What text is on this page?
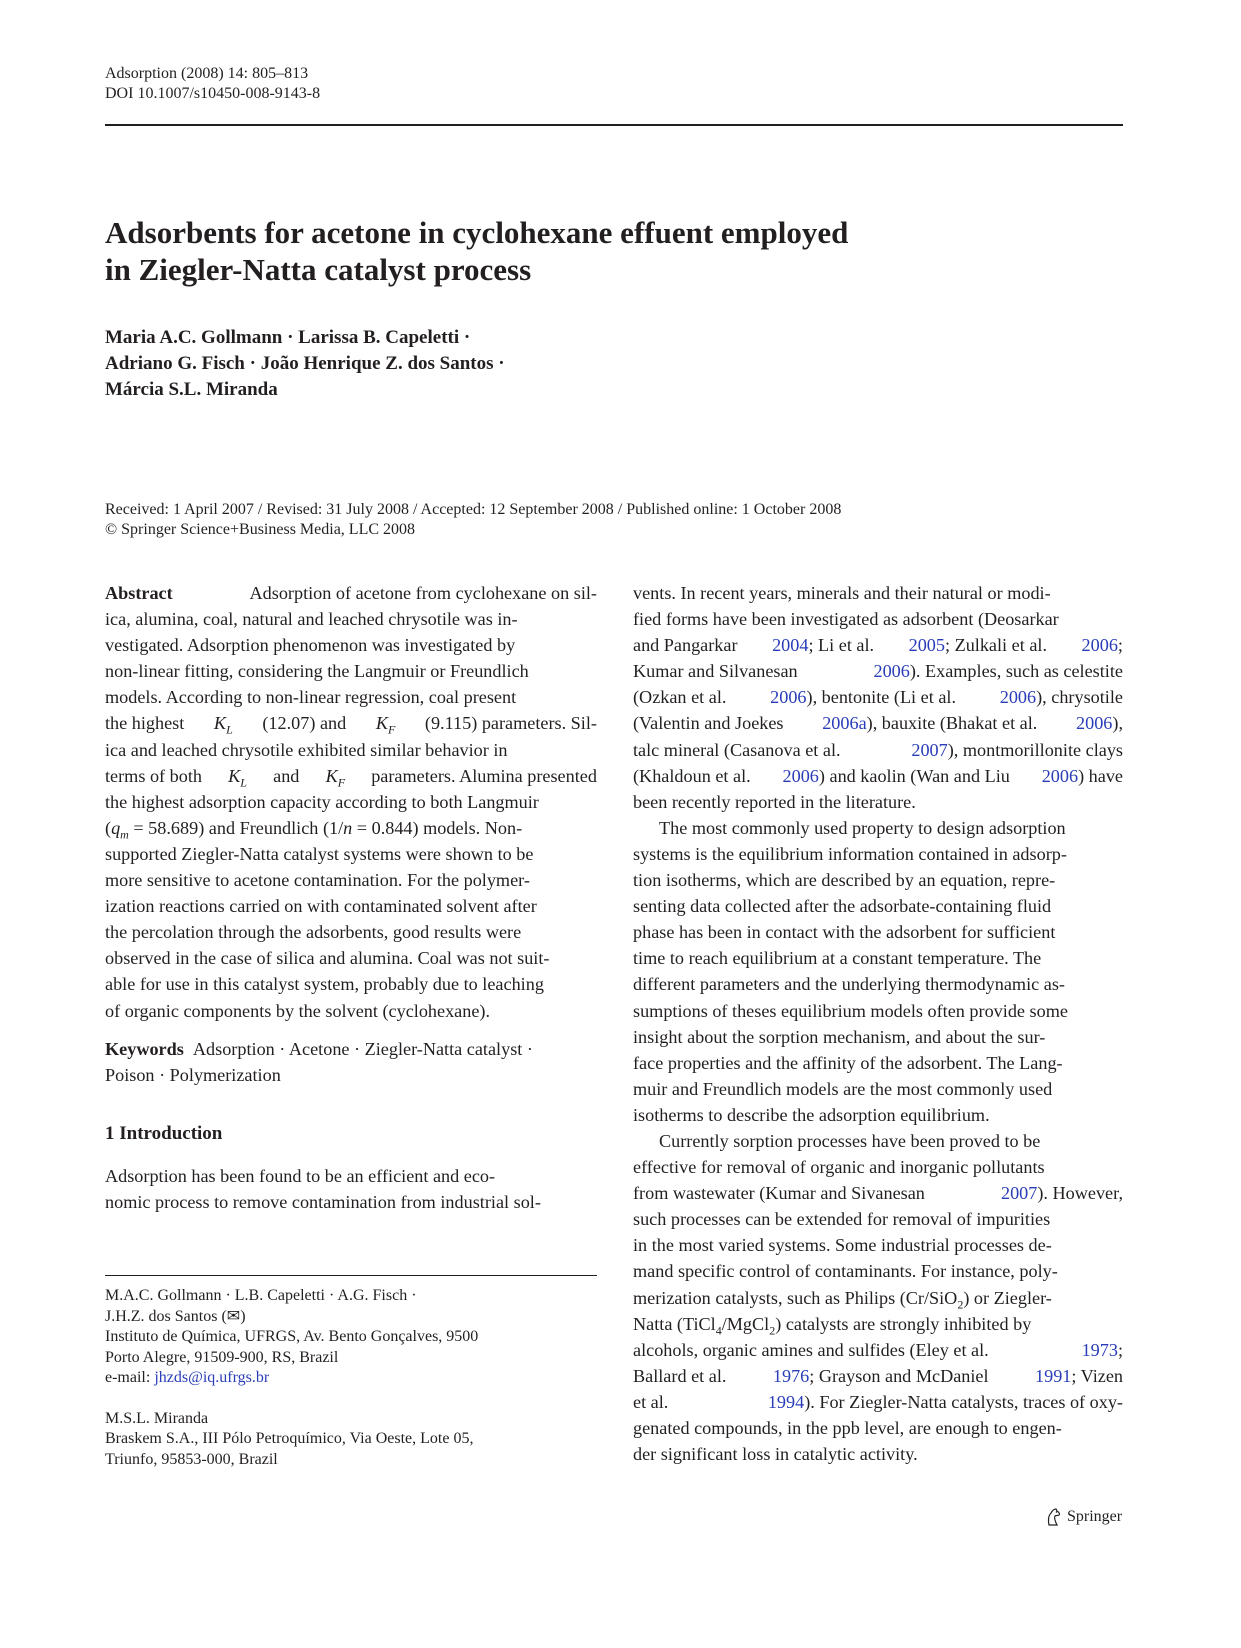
Adsorption (2008) 14: 805–813
DOI 10.1007/s10450-008-9143-8
Adsorbents for acetone in cyclohexane effuent employed
in Ziegler-Natta catalyst process
Maria A.C. Gollmann · Larissa B. Capeletti ·
Adriano G. Fisch · João Henrique Z. dos Santos ·
Márcia S.L. Miranda
Received: 1 April 2007 / Revised: 31 July 2008 / Accepted: 12 September 2008 / Published online: 1 October 2008
© Springer Science+Business Media, LLC 2008
Abstract	Adsorption of acetone from cyclohexane on sil-
ica, alumina, coal, natural and leached chrysotile was in-
vestigated. Adsorption phenomenon was investigated by
non-linear fitting, considering the Langmuir or Freundlich
models. According to non-linear regression, coal present
the highest $K_L$ (12.07) and $K_F$ (9.115) parameters. Sil-
ica and leached chrysotile exhibited similar behavior in
terms of both $K_L$ and $K_F$ parameters. Alumina presented
the highest adsorption capacity according to both Langmuir
$(q_m = 58.689)$ and Freundlich (1/n = 0.844) models. Non-
supported Ziegler-Natta catalyst systems were shown to be
more sensitive to acetone contamination. For the polymer-
ization reactions carried on with contaminated solvent after
the percolation through the adsorbents, good results were
observed in the case of silica and alumina. Coal was not suit-
able for use in this catalyst system, probably due to leaching
of organic components by the solvent (cyclohexane).
Keywords Adsorption · Acetone · Ziegler-Natta catalyst ·
Poison · Polymerization

1 Introduction

Adsorption has been found to be an efficient and eco-
nomic process to remove contamination from industrial sol-
M.A.C. Gollmann · L.B. Capeletti · A.G. Fisch ·
J.H.Z. dos Santos (✉)
Instituto de Química, UFRGS, Av. Bento Gonçalves, 9500
Porto Alegre, 91509-900, RS, Brazil
e-mail: jhzds@iq.ufrgs.br
M.S.L. Miranda
Braskem S.A., III Pólo Petroquímico, Via Oeste, Lote 05,
Triunfo, 95853-000, Brazil
vents. In recent years, minerals and their natural or modi-
fied forms have been investigated as adsorbent (Deosarkar
and Pangarkar 2004; Li et al. 2005; Zulkali et al. 2006;
Kumar and Silvanesan	2006). Examples, such as celestite
(Ozkan et al. 2006), bentonite (Li et al. 2006), chrysotile
(Valentin and Joekes 2006a), bauxite (Bhakat et al. 2006),
talc mineral (Casanova et al.	2007), montmorillonite clays
(Khaldoun et al. 2006) and kaolin (Wan and Liu 2006) have
been recently reported in the literature.
The most commonly used property to design adsorption
systems is the equilibrium information contained in adsorp-
tion isotherms, which are described by an equation, repre-
senting data collected after the adsorbate-containing fluid
phase has been in contact with the adsorbent for sufficient
time to reach equilibrium at a constant temperature. The
different parameters and the underlying thermodynamic as-
sumptions of theses equilibrium models often provide some
insight about the sorption mechanism, and about the sur-
face properties and the affinity of the adsorbent. The Lang-
muir and Freundlich models are the most commonly used
isotherms to describe the adsorption equilibrium.
Currently sorption processes have been proved to be
effective for removal of organic and inorganic pollutants
from wastewater (Kumar and Sivanesan	2007). However,
such processes can be extended for removal of impurities
in the most varied systems. Some industrial processes de-
mand specific control of contaminants. For instance, poly-
merization catalysts, such as Philips (Cr/SiO$_2$) or Ziegler-
Natta (TiCl$_4$/MgCl$_2$) catalysts are strongly inhibited by
alcohols, organic amines and sulfides (Eley et al.	1973;
Ballard et al.	1976; Grayson and McDaniel	1991; Vizen
et al.	1994). For Ziegler-Natta catalysts, traces of oxy-
genated compounds, in the ppb level, are enough to engen-
der significant loss in catalytic activity.
Springer
